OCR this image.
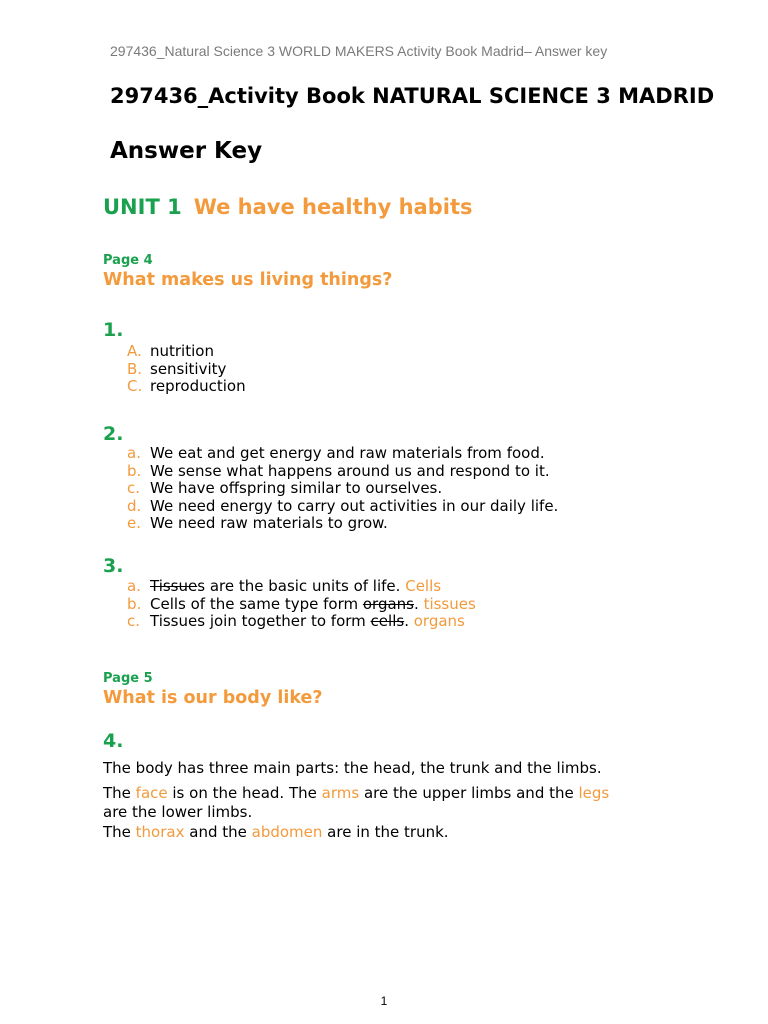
297436_Natural Science 3 WORLD MAKERS Activity Book Madrid– Answer key
297436_Activity Book NATURAL SCIENCE 3 MADRID
Answer Key
UNIT 1 We have healthy habits
Page 4
What makes us living things?
1.
A. nutrition
B. sensitivity
C. reproduction
2.
a. We eat and get energy and raw materials from food.
b. We sense what happens around us and respond to it.
c. We have offspring similar to ourselves.
d. We need energy to carry out activities in our daily life.
e. We need raw materials to grow.
3.
a. Tissues are the basic units of life. Cells
b. Cells of the same type form organs. tissues
c. Tissues join together to form cells. organs
Page 5
What is our body like?
4.
The body has three main parts: the head, the trunk and the limbs.
The face is on the head. The arms are the upper limbs and the legs
are the lower limbs.
The thorax and the abdomen are in the trunk.
1
